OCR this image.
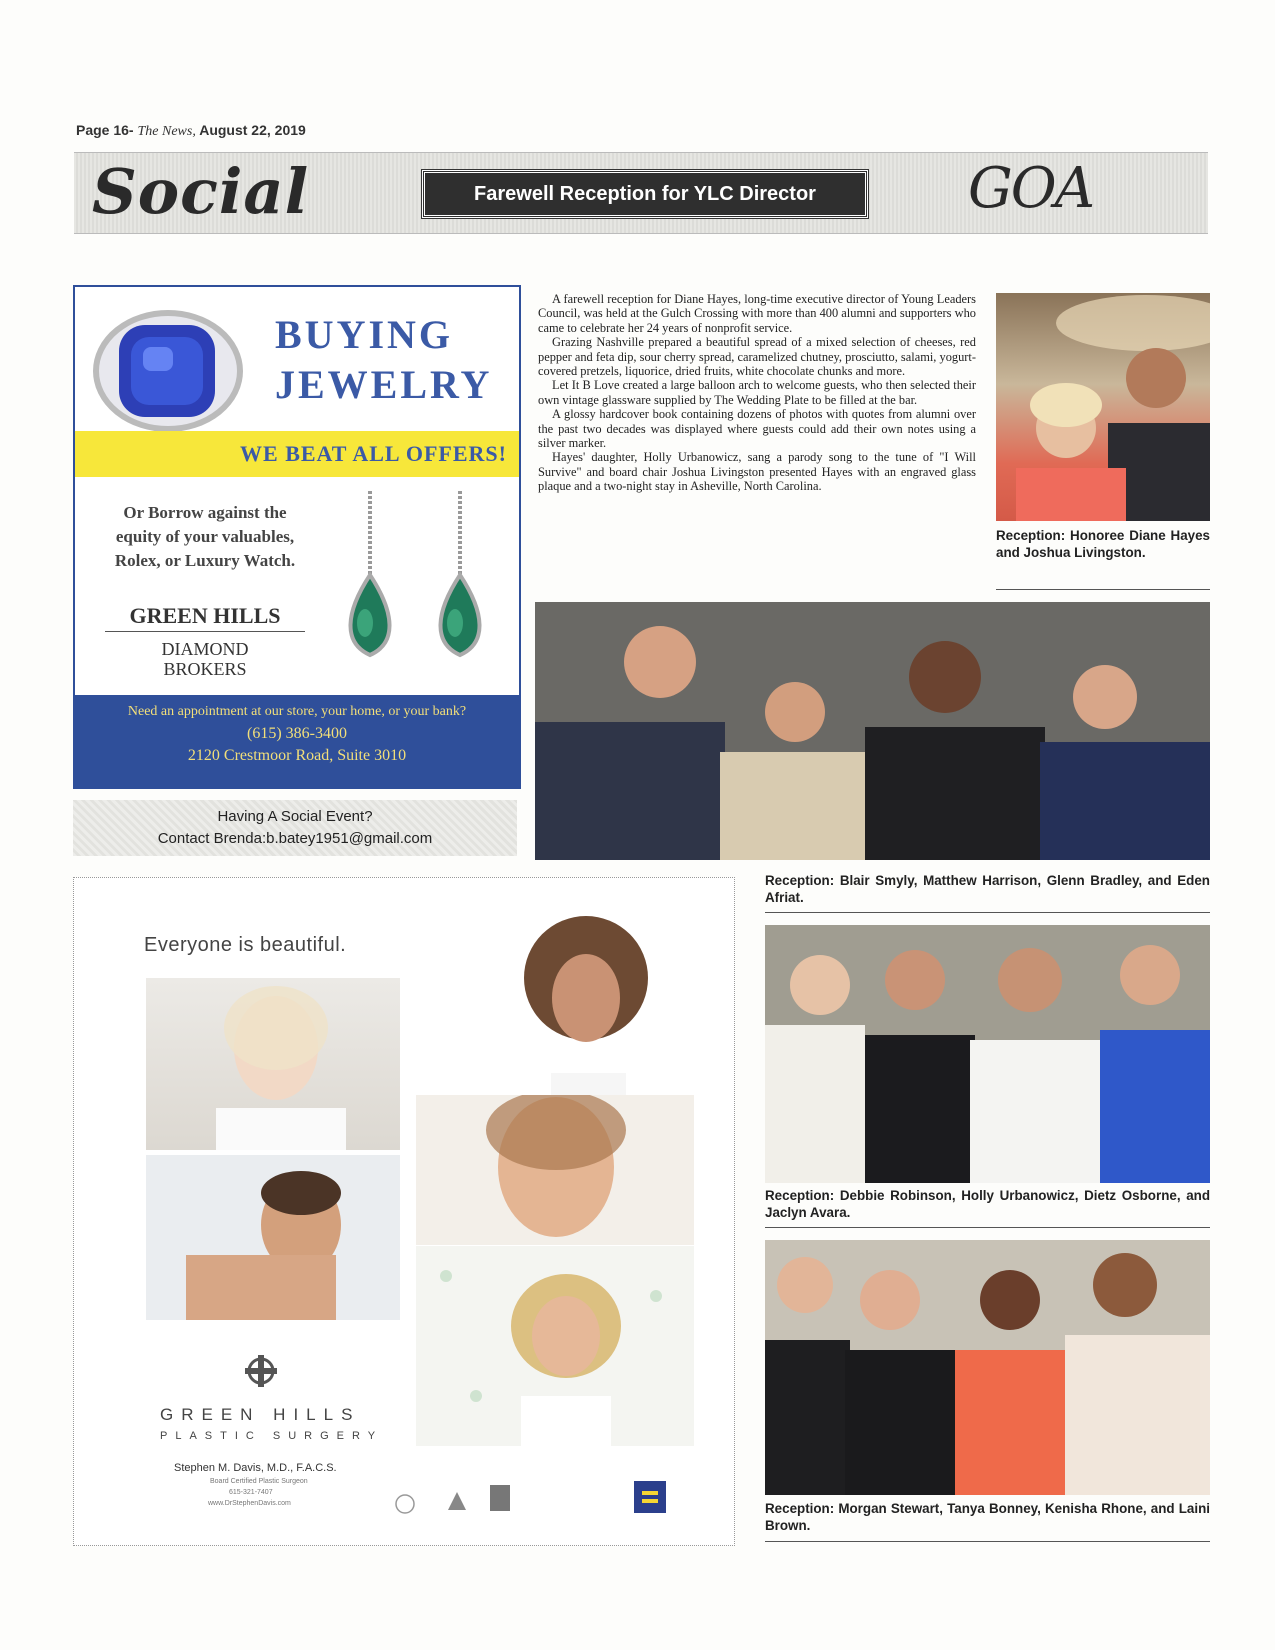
Page 16- The News, August 22, 2019
Social	Farewell Reception for YLC Director	GOA
BUYING
JEWELRY
WE BEAT ALL OFFERS!
Or Borrow against the
equity of your valuables,
Rolex, or Luxury Watch.
GREEN HILLS
DIAMOND
BROKERS
Need an appointment at our store, your home, or your bank?
(615) 386-3400
2120 Crestmoor Road, Suite 3010
Having A Social Event?
Contact Brenda:b.batey1951@gmail.com

A farewell reception for Diane Hayes, long-time executive director of Young Leaders Council, was held at the Gulch Crossing with more than 400 alumni and supporters who came to celebrate her 24 years of nonprofit service.

Grazing Nashville prepared a beautiful spread of a mixed selection of cheeses, red pepper and feta dip, sour cherry spread, caramelized chutney, prosciutto, salami, yogurt-covered pretzels, liquorice, dried fruits, white chocolate chunks and more.

Let It B Love created a large balloon arch to welcome guests, who then selected their own vintage glassware supplied by The Wedding Plate to be filled at the bar.

A glossy hardcover book containing dozens of photos with quotes from alumni over the past two decades was displayed where guests could add their own notes using a silver marker.

Hayes' daughter, Holly Urbanowicz, sang a parody song to the tune of "I Will Survive" and board chair Joshua Livingston presented Hayes with an engraved glass plaque and a two-night stay in Asheville, North Carolina.

Reception: Honoree Diane Hayes and Joshua Livingston.
Reception: Blair Smyly, Matthew Harrison, Glenn Bradley, and Eden Afriat.
Reception: Debbie Robinson, Holly Urbanowicz, Dietz Osborne, and Jaclyn Avara.
Reception: Morgan Stewart, Tanya Bonney, Kenisha Rhone, and Laini Brown.
Everyone is beautiful.
GREEN HILLS
PLASTIC SURGERY
Stephen M. Davis, M.D., F.A.C.S.
Board Certified Plastic Surgeon
615-321-7407
www.DrStephenDavis.com
